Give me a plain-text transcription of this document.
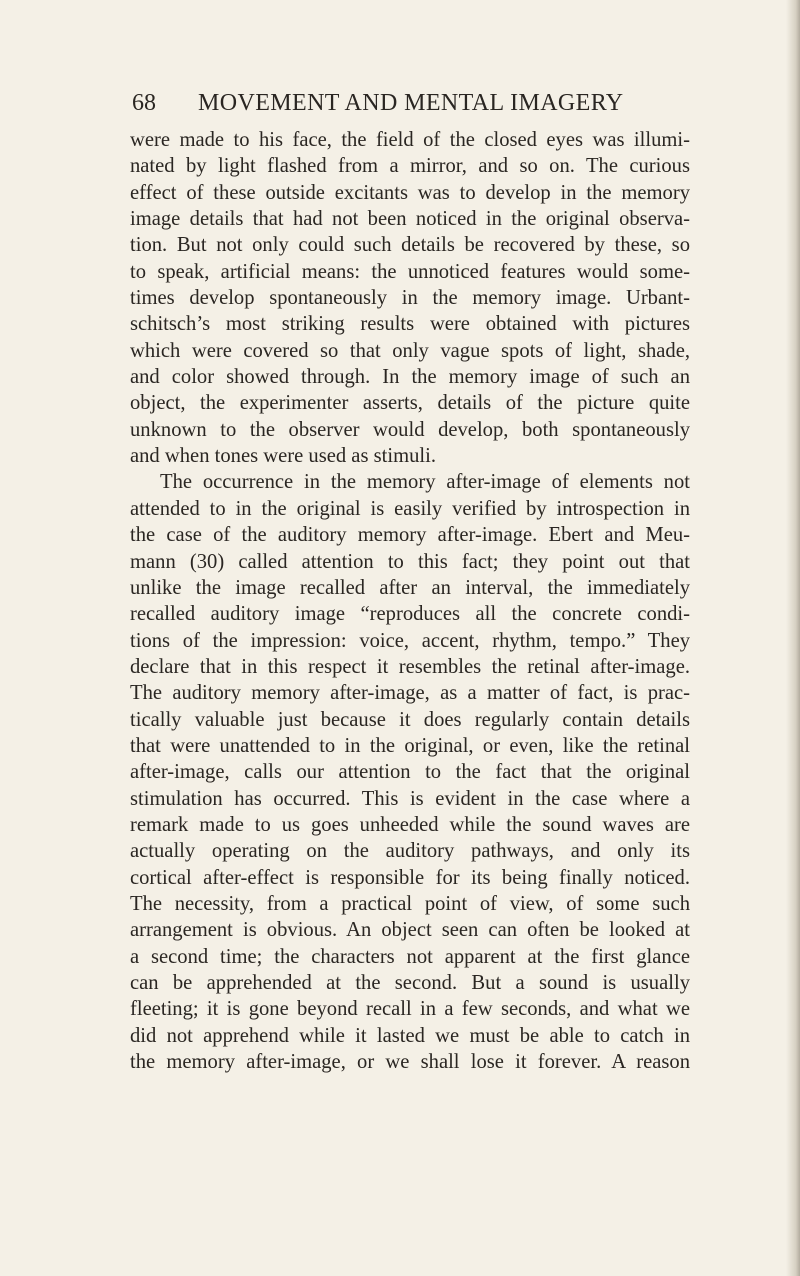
68 MOVEMENT AND MENTAL IMAGERY
were made to his face, the field of the closed eyes was illumi-
nated by light flashed from a mirror, and so on. The curious
effect of these outside excitants was to develop in the memory
image details that had not been noticed in the original observa-
tion. But not only could such details be recovered by these, so
to speak, artificial means: the unnoticed features would some-
times develop spontaneously in the memory image. Urbant-
schitsch’s most striking results were obtained with pictures
which were covered so that only vague spots of light, shade,
and color showed through. In the memory image of such an
object, the experimenter asserts, details of the picture quite
unknown to the observer would develop, both spontaneously
and when tones were used as stimuli.
The occurrence in the memory after-image of elements not
attended to in the original is easily verified by introspection in
the case of the auditory memory after-image. Ebert and Meu-
mann (30) called attention to this fact; they point out that
unlike the image recalled after an interval, the immediately
recalled auditory image “reproduces all the concrete condi-
tions of the impression: voice, accent, rhythm, tempo.” They
declare that in this respect it resembles the retinal after-image.
The auditory memory after-image, as a matter of fact, is prac-
tically valuable just because it does regularly contain details
that were unattended to in the original, or even, like the retinal
after-image, calls our attention to the fact that the original
stimulation has occurred. This is evident in the case where a
remark made to us goes unheeded while the sound waves are
actually operating on the auditory pathways, and only its
cortical after-effect is responsible for its being finally noticed.
The necessity, from a practical point of view, of some such
arrangement is obvious. An object seen can often be looked at
a second time; the characters not apparent at the first glance
can be apprehended at the second. But a sound is usually
fleeting; it is gone beyond recall in a few seconds, and what we
did not apprehend while it lasted we must be able to catch in
the memory after-image, or we shall lose it forever. A reason
